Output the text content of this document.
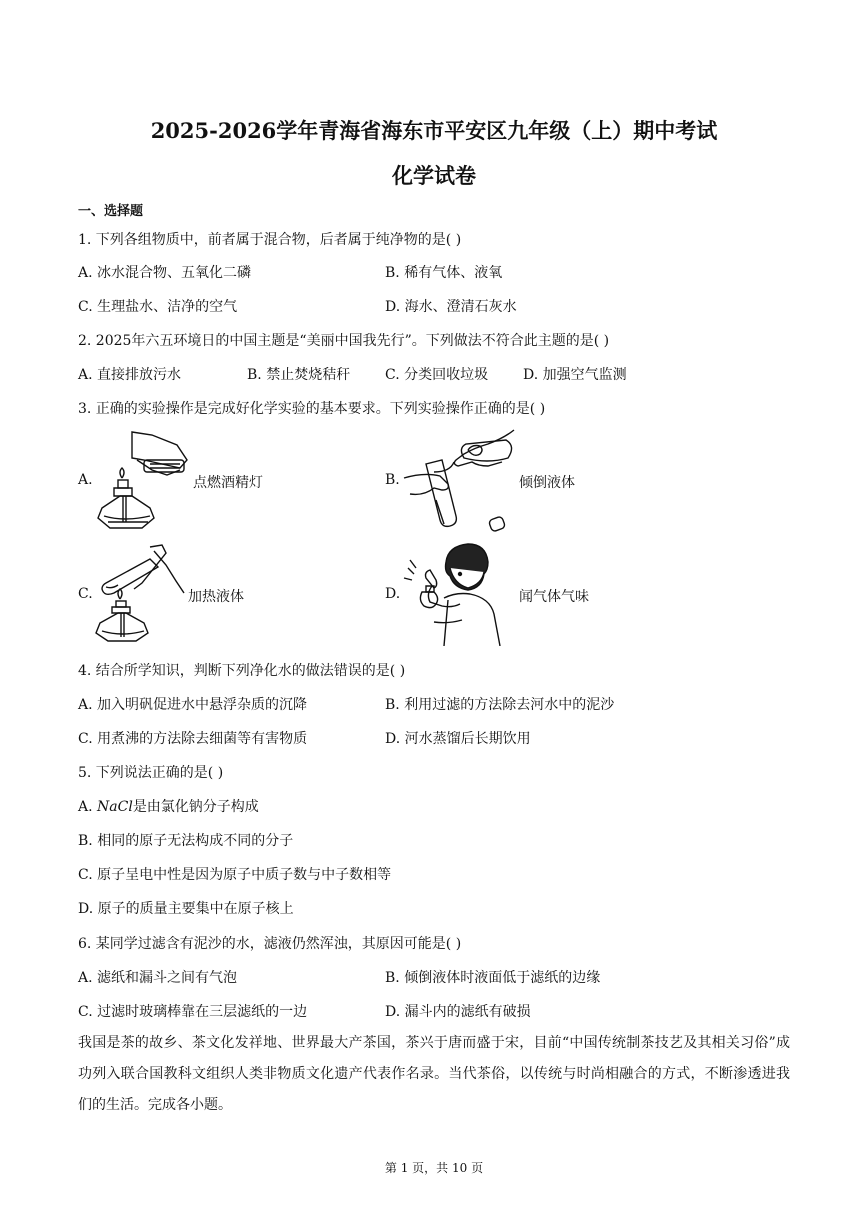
2025-2026学年青海省海东市平安区九年级（上）期中考试
化学试卷
一、选择题
1. 下列各组物质中，前者属于混合物，后者属于纯净物的是( )
A. 冰水混合物、五氧化二磷	B. 稀有气体、液氧
C. 生理盐水、洁净的空气	D. 海水、澄清石灰水
2. 2025年六五环境日的中国主题是“美丽中国我先行”。下列做法不符合此主题的是( )
A. 直接排放污水	B. 禁止焚烧秸秆 C. 分类回收垃圾 D. 加强空气监测
3. 正确的实验操作是完成好化学实验的基本要求。下列实验操作正确的是( )
A.	点燃酒精灯	B.	倾倒液体
C.	加热液体	D.	闻气体气味
4. 结合所学知识，判断下列净化水的做法错误的是( )
A. 加入明矾促进水中悬浮杂质的沉降	B. 利用过滤的方法除去河水中的泥沙
C. 用煮沸的方法除去细菌等有害物质	D. 河水蒸馏后长期饮用
5. 下列说法正确的是( )
A. NaCl是由氯化钠分子构成
B. 相同的原子无法构成不同的分子
C. 原子呈电中性是因为原子中质子数与中子数相等
D. 原子的质量主要集中在原子核上
6. 某同学过滤含有泥沙的水，滤液仍然浑浊，其原因可能是( )
A. 滤纸和漏斗之间有气泡	B. 倾倒液体时液面低于滤纸的边缘
C. 过滤时玻璃棒靠在三层滤纸的一边	D. 漏斗内的滤纸有破损
我国是茶的故乡、茶文化发祥地、世界最大产茶国，茶兴于唐而盛于宋，目前“中国传统制茶技艺及其相关习俗”成功列入联合国教科文组织人类非物质文化遗产代表作名录。当代茶俗，以传统与时尚相融合的方式，不断渗透进我们的生活。完成各小题。
第 1 页，共 10 页
